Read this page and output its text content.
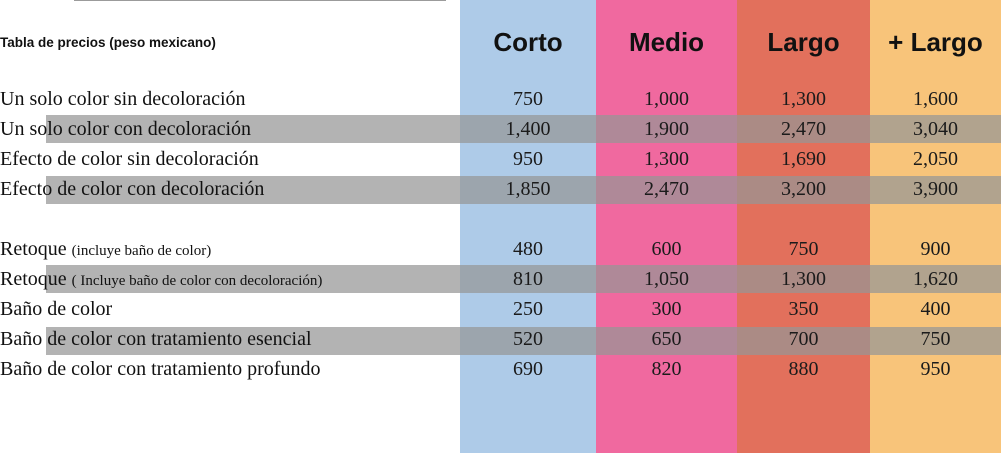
Tabla de precios (peso mexicano)	Corto	Medio	Largo	+ Largo
Un solo color sin decoloración	750	1,000	1,300	1,600
Un solo color con decoloración	1,400	1,900	2,470	3,040
Efecto de color sin decoloración	950	1,300	1,690	2,050
Efecto de color con decoloración	1,850	2,470	3,200	3,900

Retoque (incluye baño de color)	480	600	750	900
Retoque ( Incluye baño de color con decoloración)	810	1,050	1,300	1,620
Baño de color	250	300	350	400
Baño de color con tratamiento esencial	520	650	700	750
Baño de color con tratamiento profundo	690	820	880	950
